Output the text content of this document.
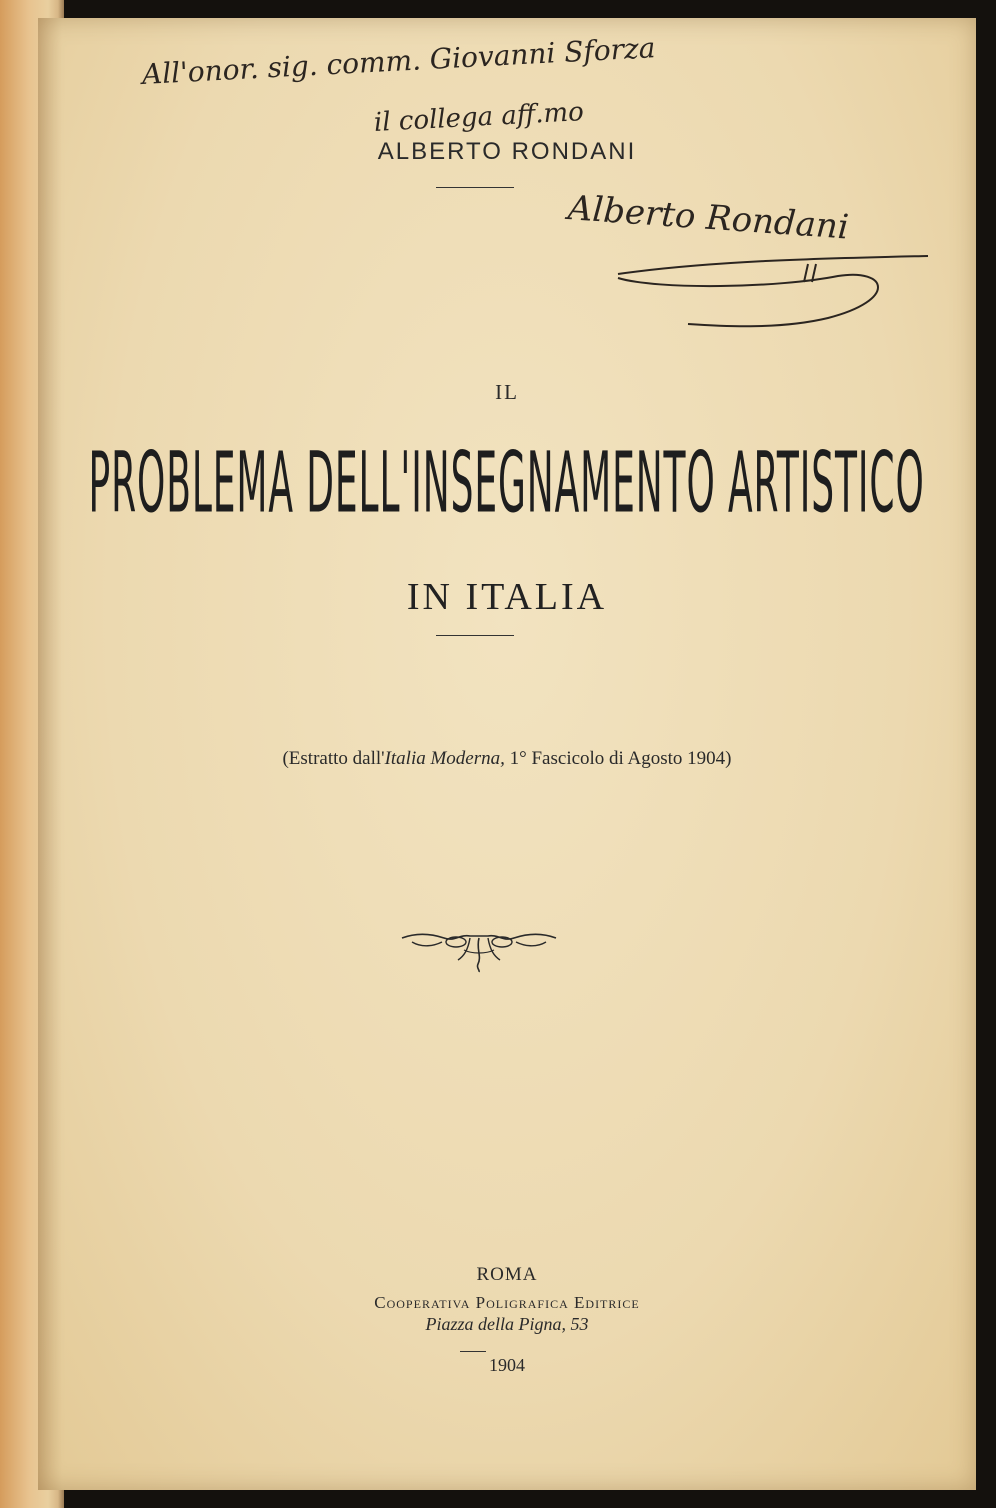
All'onor. sig. comm. Giovanni Sforza
il collega aff.mo
Alberto Rondani
ALBERTO RONDANI
IL
PROBLEMA DELL'INSEGNAMENTO ARTISTICO
IN ITALIA
(Estratto dall'Italia Moderna, 1° Fascicolo di Agosto 1904)
ROMA
Cooperativa Poligrafica Editrice
Piazza della Pigna, 53
1904
